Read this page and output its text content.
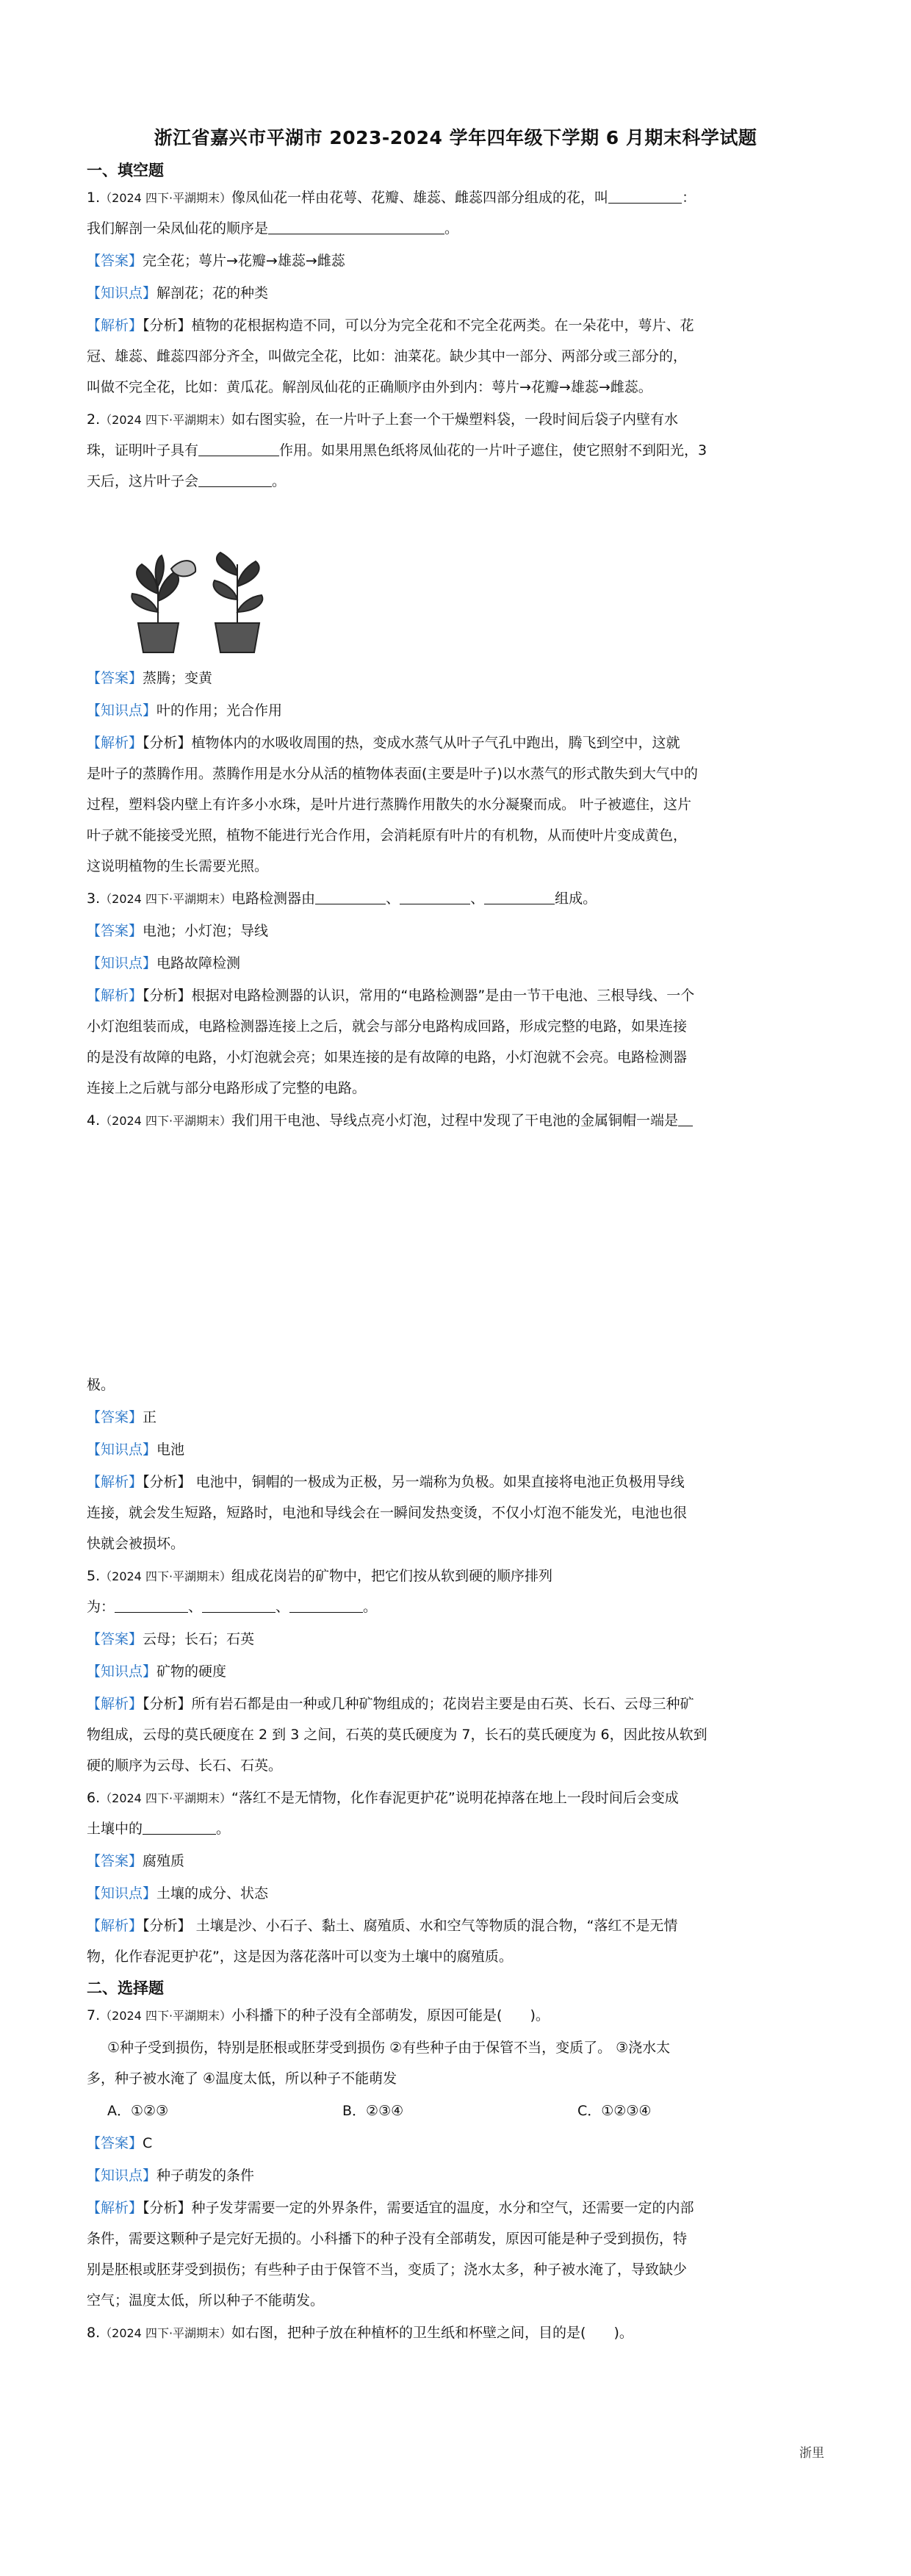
浙江省嘉兴市平湖市 2023-2024 学年四年级下学期 6 月期末科学试题
一、填空题
1.（2024 四下·平湖期末）像凤仙花一样由花萼、花瓣、雄蕊、雌蕊四部分组成的花，叫	：
我们解剖一朵凤仙花的顺序是	。
【答案】完全花；萼片→花瓣→雄蕊→雌蕊
【知识点】解剖花；花的种类
【解析】【分析】植物的花根据构造不同，可以分为完全花和不完全花两类。在一朵花中，萼片、花
冠、雄蕊、雌蕊四部分齐全，叫做完全花，比如：油菜花。缺少其中一部分、两部分或三部分的，
叫做不完全花，比如：黄瓜花。解剖凤仙花的正确顺序由外到内：萼片→花瓣→雄蕊→雌蕊。
2.（2024 四下·平湖期末）如右图实验，在一片叶子上套一个干燥塑料袋，一段时间后袋子内壁有水
珠，证明叶子具有	作用。如果用黑色纸将凤仙花的一片叶子遮住，使它照射不到阳光，3
天后，这片叶子会	。
【答案】蒸腾；变黄
【知识点】叶的作用；光合作用
【解析】【分析】植物体内的水吸收周围的热，变成水蒸气从叶子气孔中跑出，腾飞到空中，这就
是叶子的蒸腾作用。蒸腾作用是水分从活的植物体表面(主要是叶子)以水蒸气的形式散失到大气中的
过程，塑料袋内壁上有许多小水珠，是叶片进行蒸腾作用散失的水分凝聚而成。 叶子被遮住，这片
叶子就不能接受光照，植物不能进行光合作用，会消耗原有叶片的有机物，从而使叶片变成黄色，
这说明植物的生长需要光照。
3.（2024 四下·平湖期末）电路检测器由	、	、	组成。
【答案】电池；小灯泡；导线
【知识点】电路故障检测
【解析】【分析】根据对电路检测器的认识，常用的“电路检测器”是由一节干电池、三根导线、一个
小灯泡组装而成，电路检测器连接上之后，就会与部分电路构成回路，形成完整的电路，如果连接
的是没有故障的电路，小灯泡就会亮；如果连接的是有故障的电路，小灯泡就不会亮。电路检测器
连接上之后就与部分电路形成了完整的电路。
4.（2024 四下·平湖期末）我们用干电池、导线点亮小灯泡，过程中发现了干电池的金属铜帽一端是
极。
【答案】正
【知识点】电池
【解析】【分析】 电池中，铜帽的一极成为正极，另一端称为负极。如果直接将电池正负极用导线
连接，就会发生短路，短路时，电池和导线会在一瞬间发热变烫，不仅小灯泡不能发光，电池也很
快就会被损坏。
5.（2024 四下·平湖期末）组成花岗岩的矿物中，把它们按从软到硬的顺序排列
为：	、	、	。
【答案】云母；长石；石英
【知识点】矿物的硬度
【解析】【分析】所有岩石都是由一种或几种矿物组成的；花岗岩主要是由石英、长石、云母三种矿
物组成，云母的莫氏硬度在 2 到 3 之间，石英的莫氏硬度为 7，长石的莫氏硬度为 6，因此按从软到
硬的顺序为云母、长石、石英。
6.（2024 四下·平湖期末）“落红不是无情物，化作春泥更护花”说明花掉落在地上一段时间后会变成
土壤中的	。
【答案】腐殖质
【知识点】土壤的成分、状态
【解析】【分析】 土壤是沙、小石子、黏土、腐殖质、水和空气等物质的混合物，“落红不是无情
物，化作春泥更护花”，这是因为落花落叶可以变为土壤中的腐殖质。
二、选择题
7.（2024 四下·平湖期末）小科播下的种子没有全部萌发，原因可能是(　　)。
①种子受到损伤，特别是胚根或胚芽受到损伤 ②有些种子由于保管不当，变质了。 ③浇水太
多，种子被水淹了 ④温度太低，所以种子不能萌发
A．①②③	B．②③④	C．①②③④
【答案】C
【知识点】种子萌发的条件
【解析】【分析】种子发芽需要一定的外界条件，需要适宜的温度，水分和空气，还需要一定的内部
条件，需要这颗种子是完好无损的。小科播下的种子没有全部萌发，原因可能是种子受到损伤，特
别是胚根或胚芽受到损伤；有些种子由于保管不当，变质了；浇水太多，种子被水淹了，导致缺少
空气；温度太低，所以种子不能萌发。
8.（2024 四下·平湖期末）如右图，把种子放在种植杯的卫生纸和杯壁之间，目的是(　　)。
浙里
